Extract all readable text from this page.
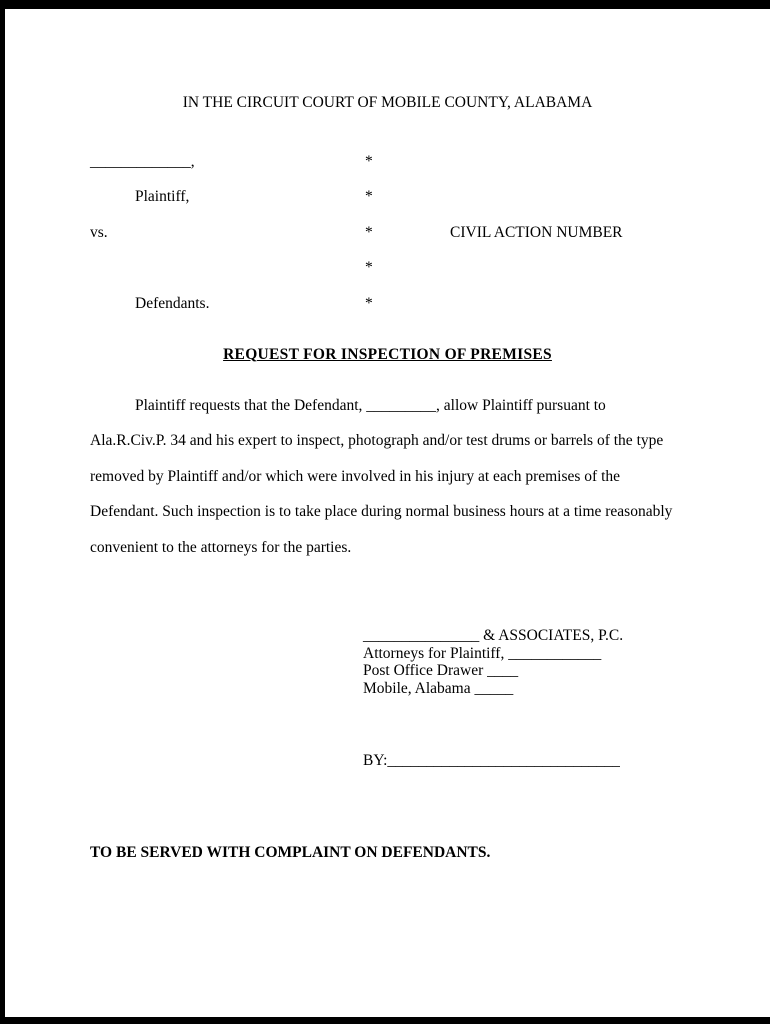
IN THE CIRCUIT COURT OF MOBILE COUNTY, ALABAMA
_____________,	*
Plaintiff,	*
vs.	*	CIVIL ACTION NUMBER
*
Defendants.	*
REQUEST FOR INSPECTION OF PREMISES
Plaintiff requests that the Defendant, _________, allow Plaintiff pursuant to Ala.R.Civ.P. 34 and his expert to inspect, photograph and/or test drums or barrels of the type removed by Plaintiff and/or which were involved in his injury at each premises of the Defendant. Such inspection is to take place during normal business hours at a time reasonably convenient to the attorneys for the parties.
_______________ & ASSOCIATES, P.C.
Attorneys for Plaintiff, ____________
Post Office Drawer ____
Mobile, Alabama _____
BY:______________________________
TO BE SERVED WITH COMPLAINT ON DEFENDANTS.
